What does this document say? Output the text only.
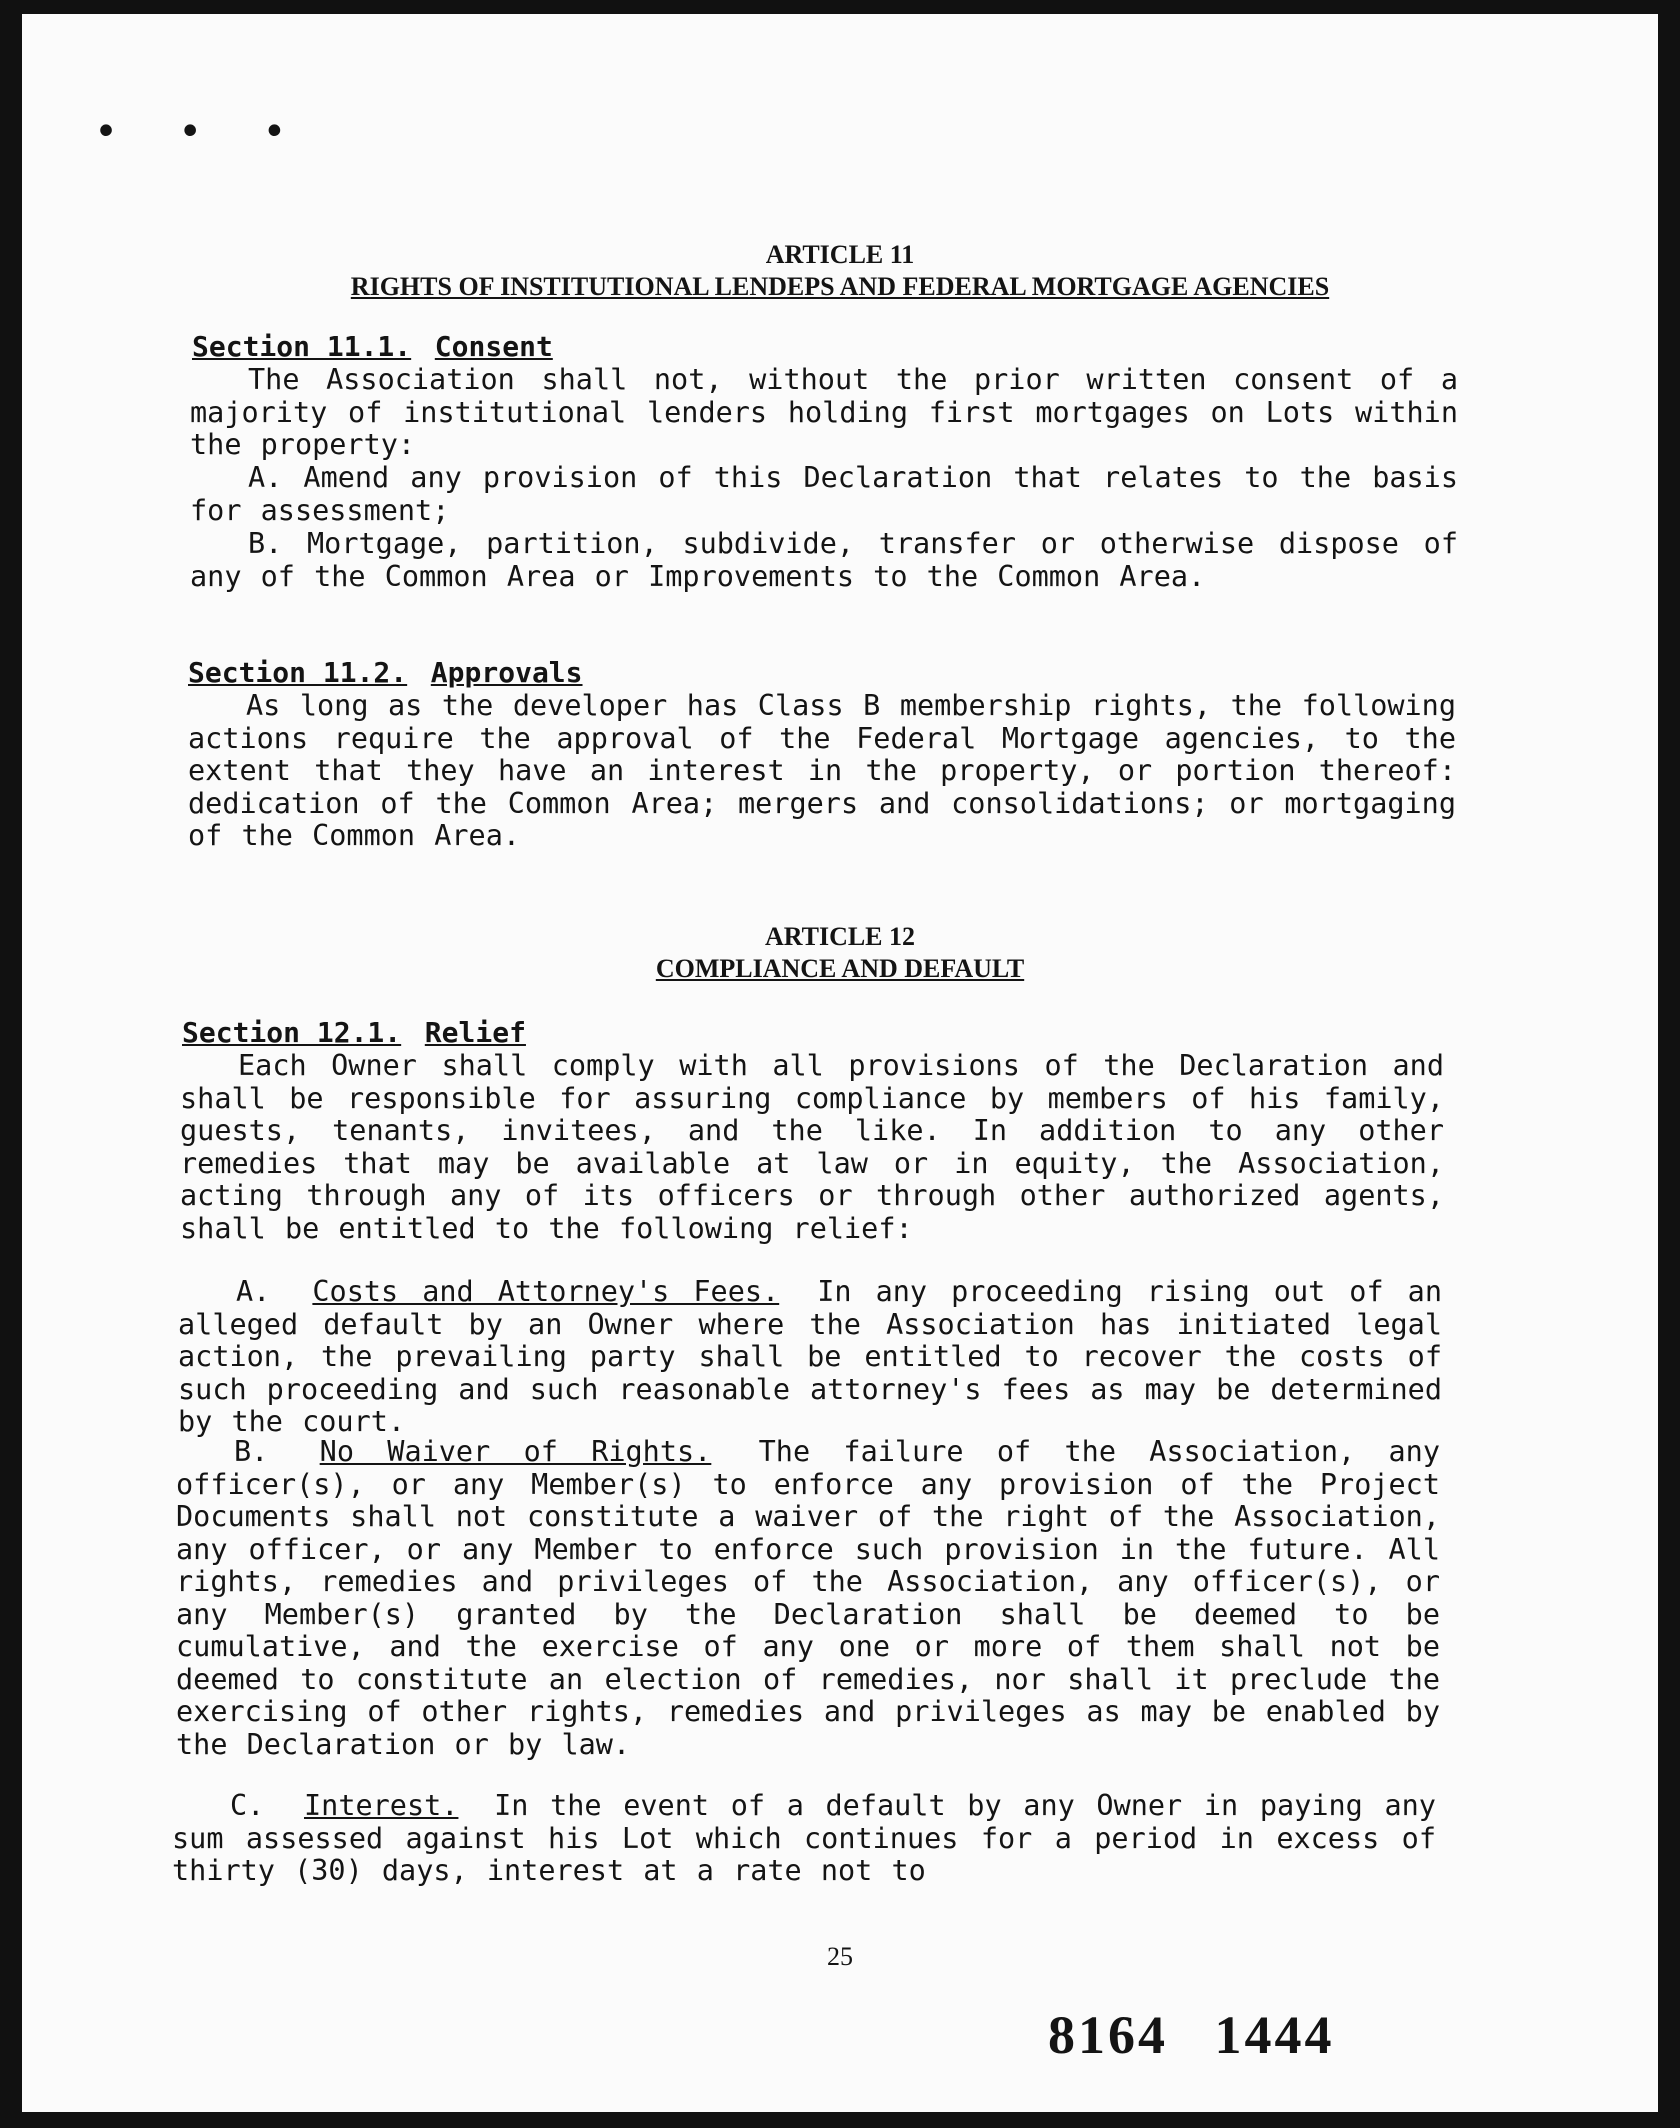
• • •
ARTICLE 11
RIGHTS OF INSTITUTIONAL LENDEPS AND FEDERAL MORTGAGE AGENCIES
Section 11.1. Consent
The Association shall not, without the prior written consent of a majority of institutional lenders holding first mortgages on Lots within the property:
A. Amend any provision of this Declaration that relates to the basis for assessment;
B. Mortgage, partition, subdivide, transfer or otherwise dispose of any of the Common Area or Improvements to the Common Area.
Section 11.2. Approvals
As long as the developer has Class B membership rights, the following actions require the approval of the Federal Mortgage agencies, to the extent that they have an interest in the property, or portion thereof: dedication of the Common Area; mergers and consolidations; or mortgaging of the Common Area.
ARTICLE 12
COMPLIANCE AND DEFAULT
Section 12.1. Relief
Each Owner shall comply with all provisions of the Declaration and shall be responsible for assuring compliance by members of his family, guests, tenants, invitees, and the like. In addition to any other remedies that may be available at law or in equity, the Association, acting through any of its officers or through other authorized agents, shall be entitled to the following relief:
A. Costs and Attorney's Fees. In any proceeding rising out of an alleged default by an Owner where the Association has initiated legal action, the prevailing party shall be entitled to recover the costs of such proceeding and such reasonable attorney's fees as may be determined by the court.
B. No Waiver of Rights. The failure of the Association, any officer(s), or any Member(s) to enforce any provision of the Project Documents shall not constitute a waiver of the right of the Association, any officer, or any Member to enforce such provision in the future. All rights, remedies and privileges of the Association, any officer(s), or any Member(s) granted by the Declaration shall be deemed to be cumulative, and the exercise of any one or more of them shall not be deemed to constitute an election of remedies, nor shall it preclude the exercising of other rights, remedies and privileges as may be enabled by the Declaration or by law.
C. Interest. In the event of a default by any Owner in paying any sum assessed against his Lot which continues for a period in excess of thirty (30) days, interest at a rate not to
25
8164 1444
